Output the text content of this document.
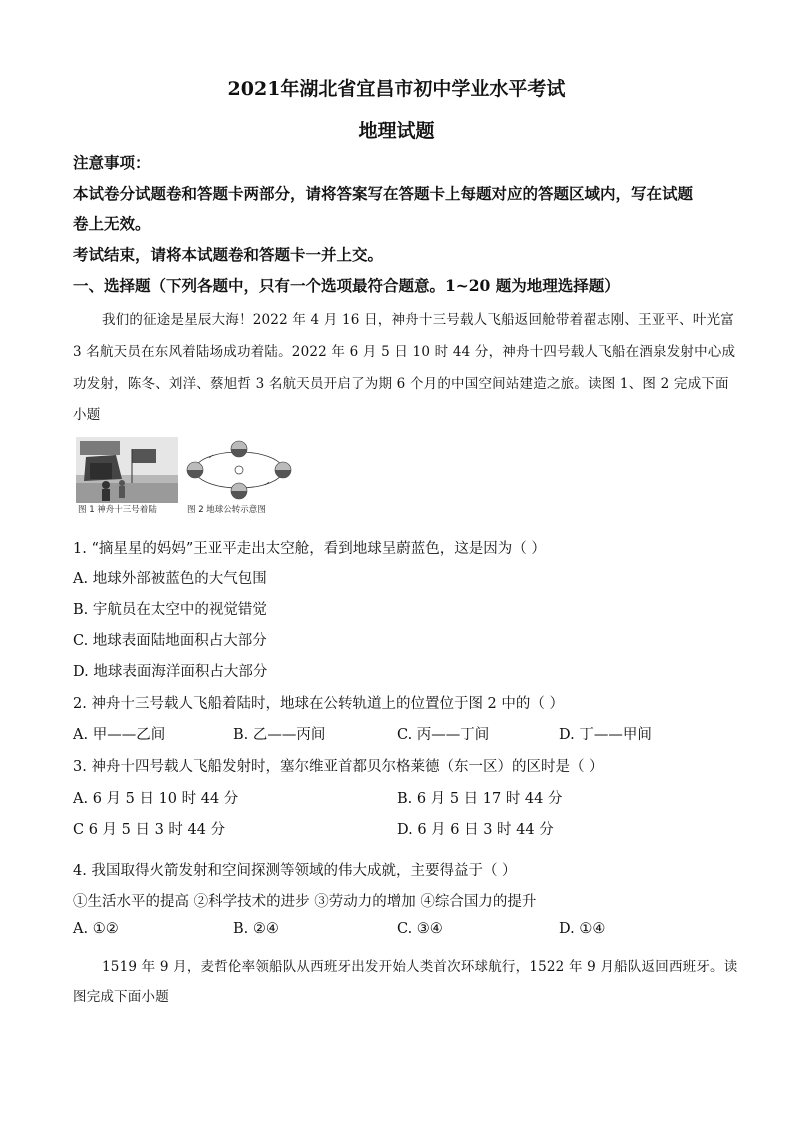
2021年湖北省宜昌市初中学业水平考试
地理试题
注意事项：
本试卷分试题卷和答题卡两部分，请将答案写在答题卡上每题对应的答题区域内，写在试题
卷上无效。
考试结束，请将本试题卷和答题卡一并上交。
一、选择题（下列各题中，只有一个选项最符合题意。1~20 题为地理选择题）
我们的征途是星辰大海！2022 年 4 月 16 日，神舟十三号载人飞船返回舱带着翟志刚、王亚平、叶光富
3 名航天员在东风着陆场成功着陆。2022 年 6 月 5 日 10 时 44 分，神舟十四号载人飞船在酒泉发射中心成
功发射，陈冬、刘洋、蔡旭哲 3 名航天员开启了为期 6 个月的中国空间站建造之旅。读图 1、图 2 完成下面
小题
图 1 神舟十三号着陆	图 2 地球公转示意图
1. “摘星星的妈妈”王亚平走出太空舱，看到地球呈蔚蓝色，这是因为（ ）
A. 地球外部被蓝色的大气包围
B. 宇航员在太空中的视觉错觉
C. 地球表面陆地面积占大部分
D. 地球表面海洋面积占大部分
2. 神舟十三号载人飞船着陆时，地球在公转轨道上的位置位于图 2 中的（ ）
A. 甲——乙间	B. 乙——丙间	C. 丙——丁间	D. 丁——甲间
3. 神舟十四号载人飞船发射时，塞尔维亚首都贝尔格莱德（东一区）的区时是（ ）
A. 6 月 5 日 10 时 44 分	B. 6 月 5 日 17 时 44 分
C 6 月 5 日 3 时 44 分	D. 6 月 6 日 3 时 44 分
4. 我国取得火箭发射和空间探测等领域的伟大成就，主要得益于（ ）
①生活水平的提高 ②科学技术的进步 ③劳动力的增加 ④综合国力的提升
A. ①②	B. ②④	C. ③④	D. ①④
1519 年 9 月，麦哲伦率领船队从西班牙出发开始人类首次环球航行，1522 年 9 月船队返回西班牙。读
图完成下面小题
